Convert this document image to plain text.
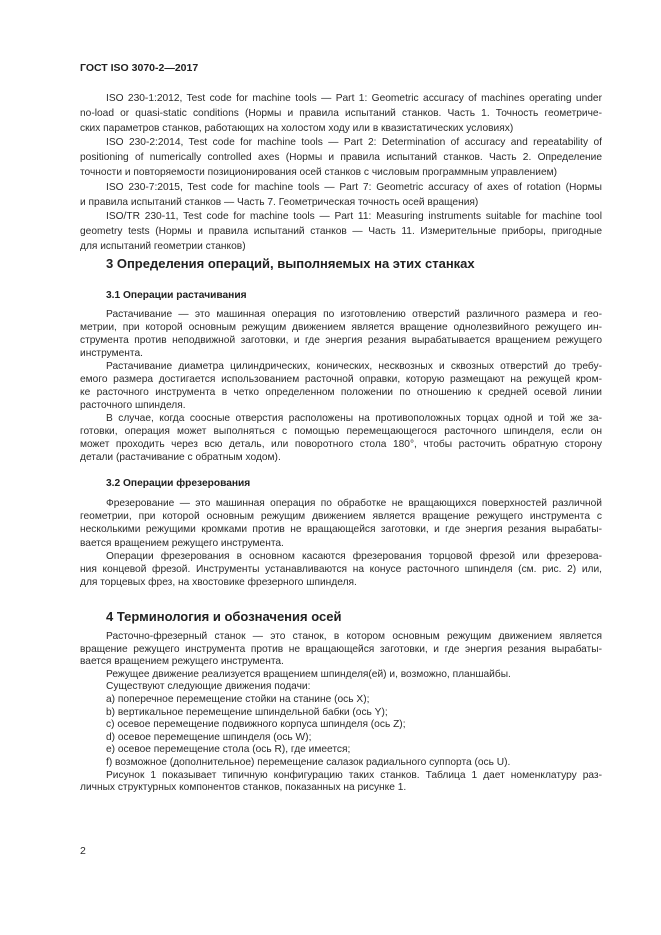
ГОСТ ISO 3070-2—2017
ISO 230-1:2012, Test code for machine tools — Part 1: Geometric accuracy of machines operating under
no-load or quasi-static conditions (Нормы и правила испытаний станков. Часть 1. Точность геометриче-
ских параметров станков, работающих на холостом ходу или в квазистатических условиях)
ISO 230-2:2014, Test code for machine tools — Part 2: Determination of accuracy and repeatability of
positioning of numerically controlled axes (Нормы и правила испытаний станков. Часть 2. Определение
точности и повторяемости позиционирования осей станков с числовым программным управлением)
ISO 230-7:2015, Test code for machine tools — Part 7: Geometric accuracy of axes of rotation (Нормы
и правила испытаний станков — Часть 7. Геометрическая точность осей вращения)
ISO/TR 230-11, Test code for machine tools — Part 11: Measuring instruments suitable for machine tool
geometry tests (Нормы и правила испытаний станков — Часть 11. Измерительные приборы, пригодные
для испытаний геометрии станков)
3 Определения операций, выполняемых на этих станках
3.1 Операции растачивания
Растачивание — это машинная операция по изготовлению отверстий различного размера и гео-
метрии, при которой основным режущим движением является вращение однолезвийного режущего ин-
струмента против неподвижной заготовки, и где энергия резания вырабатывается вращением режущего
инструмента.
Растачивание диаметра цилиндрических, конических, несквозных и сквозных отверстий до требу-
емого размера достигается использованием расточной оправки, которую размещают на режущей кром-
ке расточного инструмента в четко определенном положении по отношению к средней осевой линии
расточного шпинделя.
В случае, когда соосные отверстия расположены на противоположных торцах одной и той же за-
готовки, операция может выполняться с помощью перемещающегося расточного шпинделя, если он
может проходить через всю деталь, или поворотного стола 180°, чтобы расточить обратную сторону
детали (растачивание с обратным ходом).
3.2 Операции фрезерования
Фрезерование — это машинная операция по обработке не вращающихся поверхностей различной
геометрии, при которой основным режущим движением является вращение режущего инструмента с
несколькими режущими кромками против не вращающейся заготовки, и где энергия резания вырабаты-
вается вращением режущего инструмента.
Операции фрезерования в основном касаются фрезерования торцовой фрезой или фрезерова-
ния концевой фрезой. Инструменты устанавливаются на конусе расточного шпинделя (см. рис. 2) или,
для торцевых фрез, на хвостовике фрезерного шпинделя.
4 Терминология и обозначения осей
Расточно-фрезерный станок — это станок, в котором основным режущим движением является
вращение режущего инструмента против не вращающейся заготовки, и где энергия резания вырабаты-
вается вращением режущего инструмента.
Режущее движение реализуется вращением шпинделя(ей) и, возможно, планшайбы.
Существуют следующие движения подачи:
a) поперечное перемещение стойки на станине (ось X);
b) вертикальное перемещение шпиндельной бабки (ось Y);
c) осевое перемещение подвижного корпуса шпинделя (ось Z);
d) осевое перемещение шпинделя (ось W);
e) осевое перемещение стола (ось R), где имеется;
f) возможное (дополнительное) перемещение салазок радиального суппорта (ось U).
Рисунок 1 показывает типичную конфигурацию таких станков. Таблица 1 дает номенклатуру раз-
личных структурных компонентов станков, показанных на рисунке 1.
2
